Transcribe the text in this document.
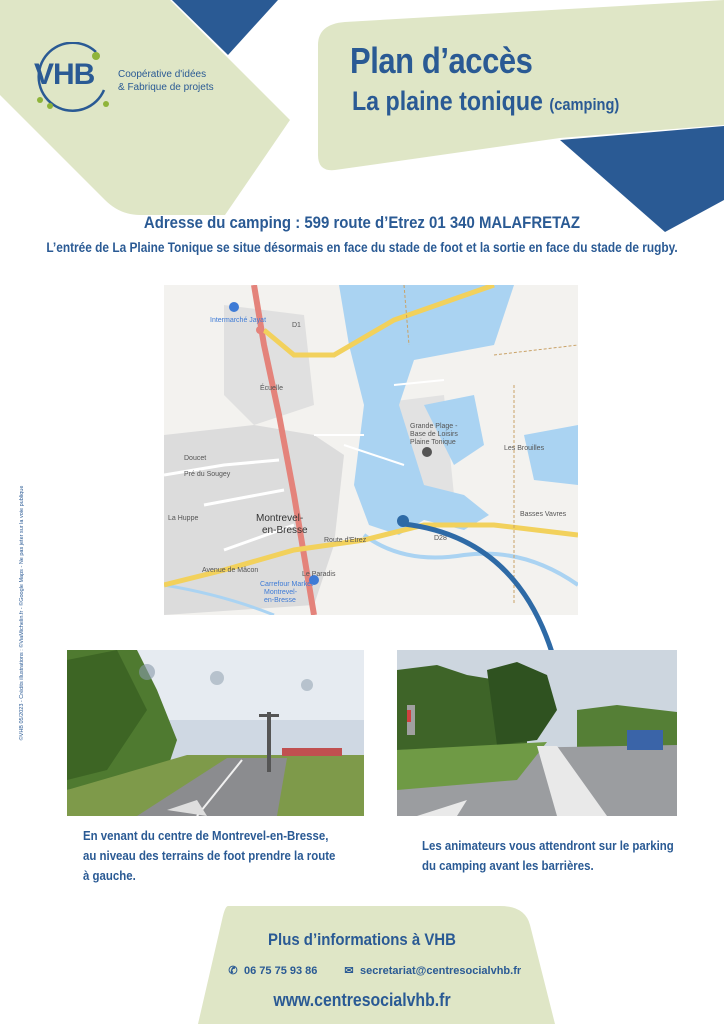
VHB Coopérative d'idées
& Fabrique de projets
Plan d’accès
La plaine tonique (camping)
Adresse du camping : 599 route d’Etrez 01 340 MALAFRETAZ
L’entrée de La Plaine Tonique se situe désormais en face du stade de foot et la sortie en face du stade de rugby.
Intermarché Jayat
D1
Écuelle
Doucet
Pré du Sougey
La Huppe	Montrevel-
en-Bresse
Grande Plage -
Base de Loisirs
Plaine Tonique
Les Brouilles
Basses Vavres
Route d'Etrez	D28
Avenue de Mâcon
Le Paradis
Carrefour Market
Montrevel-
en-Bresse
En venant du centre de Montrevel-en-Bresse,
au niveau des terrains de foot prendre la route
à gauche.
Les animateurs vous attendront sur le parking
du camping avant les barrières.
©VHB 05/2023 - Crédits illustrations : ©ViaMichelin.fr - ©Google Maps - Ne pas jeter sur la voie publique
Plus d’informations à VHB
✆ 06 75 75 93 86 ✉ secretariat@centresocialvhb.fr
www.centresocialvhb.fr
